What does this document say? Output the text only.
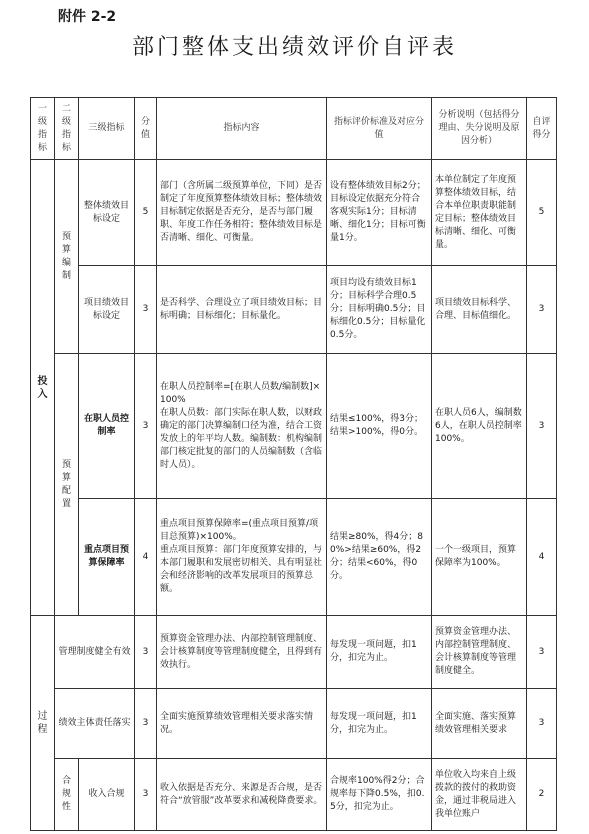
附件 2-2
部门整体支出绩效评价自评表
一级指标	二级指标	三级指标	分值	指标内容	指标评价标准及对应分值	分析说明（包括得分理由、失分说明及原因分析）	自评得分
投入	预算编制	整体绩效目标设定	5	部门（含所属二级预算单位，下同）是否制定了年度预算整体绩效目标；整体绩效目标制定依据是否充分，是否与部门履职、年度工作任务相符；整体绩效目标是否清晰、细化、可衡量。	设有整体绩效目标2分；目标设定依据充分符合客观实际1分；目标清晰、细化1分；目标可衡量1分。	本单位制定了年度预算整体绩效目标，结合本单位职责职能制定目标；整体绩效目标清晰、细化、可衡量。	5
		项目绩效目标设定	3	是否科学、合理设立了项目绩效目标；目标明确；目标细化；目标量化。	项目均设有绩效目标1分；目标科学合理0.5分；目标明确0.5分；目标细化0.5分；目标量化0.5分。	项目绩效目标科学、合理、目标值细化。	3
	预算配置	在职人员控制率	3	在职人员控制率=[在职人员数/编制数]×100%
在职人员数：部门实际在职人数，以财政确定的部门决算编制口径为准，结合工资发放上的年平均人数。编制数：机构编制部门核定批复的部门的人员编制数（含临时人员）。	结果≤100%，得3分；结果>100%，得0分。	在职人员6人，编制数6人，在职人员控制率100%。	3
		重点项目预算保障率	4	重点项目预算保障率=(重点项目预算/项目总预算)×100%。
重点项目预算：部门年度预算安排的，与本部门履职和发展密切相关、具有明显社会和经济影响的改革发展项目的预算总额。	结果≥80%，得4分；80%>结果≥60%，得2分；结果<60%，得0分。	一个一级项目，预算保障率为100%。	4
过程	管理制度健全有效		3	预算资金管理办法、内部控制管理制度、会计核算制度等管理制度健全，且得到有效执行。	每发现一项问题，扣1分，扣完为止。	预算资金管理办法、内部控制管理制度、会计核算制度等管理制度健全。	3
	绩效主体责任落实		3	全面实施预算绩效管理相关要求落实情况。	每发现一项问题，扣1分，扣完为止。	全面实施、落实预算绩效管理相关要求	3
	合规性	收入合规	3	收入依据是否充分、来源是否合规，是否符合“放管服”改革要求和减税降费要求。	合规率100%得2分；合规率每下降0.5%，扣0.5分，扣完为止。	单位收入均来自上级拨款的拨付的救助资金，通过非税局进入我单位账户	2
